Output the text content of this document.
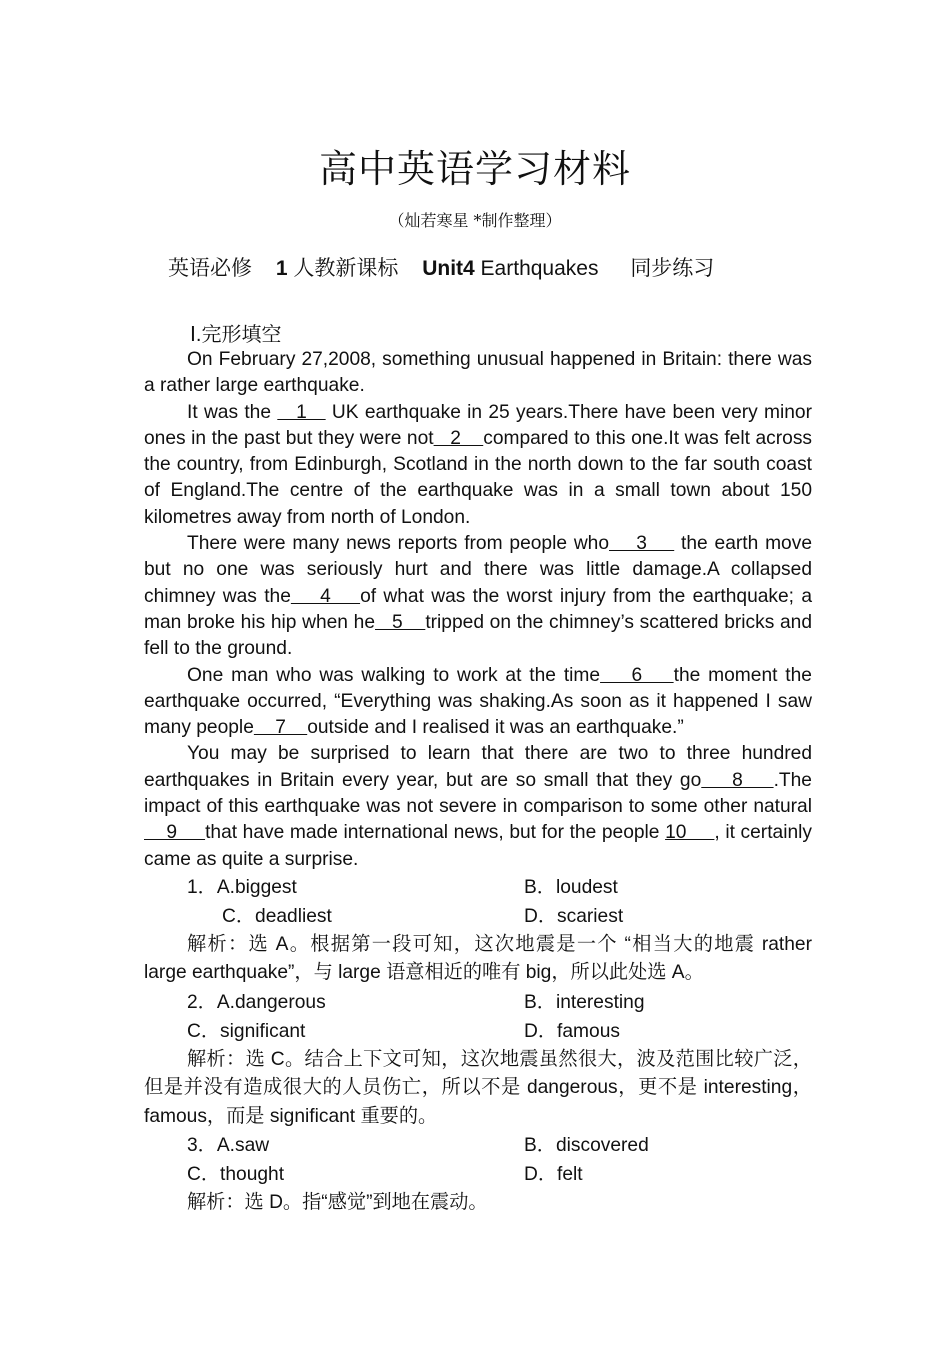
高中英语学习材料
（灿若寒星 *制作整理）
英语必修 1 人教新课标 Unit4 Earthquakes 同步练习
Ⅰ.完形填空

On February 27,2008, something unusual happened in Britain: there was a rather large earthquake.

It was the    1    UK earthquake in 25 years.There have been very minor ones in the past but they were not   2    compared to this one.It was felt across the country, from Edinburgh, Scotland in the north down to the far south coast of England.The centre of the earthquake was in a small town about 150 kilometres away from north of London.

There were many news reports from people who    3     the earth move but no one was seriously hurt and there was little damage.A collapsed chimney was the    4    of what was the worst injury from the earthquake; a man broke his hip when he   5    tripped on the chimney’s scattered bricks and fell to the ground.

One man who was walking to work at the time    6    the moment the earthquake occurred, “Everything was shaking.As soon as it happened I saw many people    7    outside and I realised it was an earthquake.”

You may be surprised to learn that there are two to three hundred earthquakes in Britain every year, but are so small that they go    8    .The impact of this earthquake was not severe in comparison to some other natural    9     that have made international news, but for the people 10     , it certainly came as quite a surprise.

1．A.biggest	B．loudest
C．deadliest	D．scariest

解析：选 A。根据第一段可知，这次地震是一个 “相当大的地震 rather large earthquake”，与 large 语意相近的唯有 big，所以此处选 A。

2．A.dangerous	B．interesting
C．significant	D．famous

解析：选 C。结合上下文可知，这次地震虽然很大，波及范围比较广泛，但是并没有造成很大的人员伤亡，所以不是 dangerous，更不是 interesting，famous，而是 significant 重要的。

3．A.saw	B．discovered
C．thought	D．felt

解析：选 D。指“感觉”到地在震动。
